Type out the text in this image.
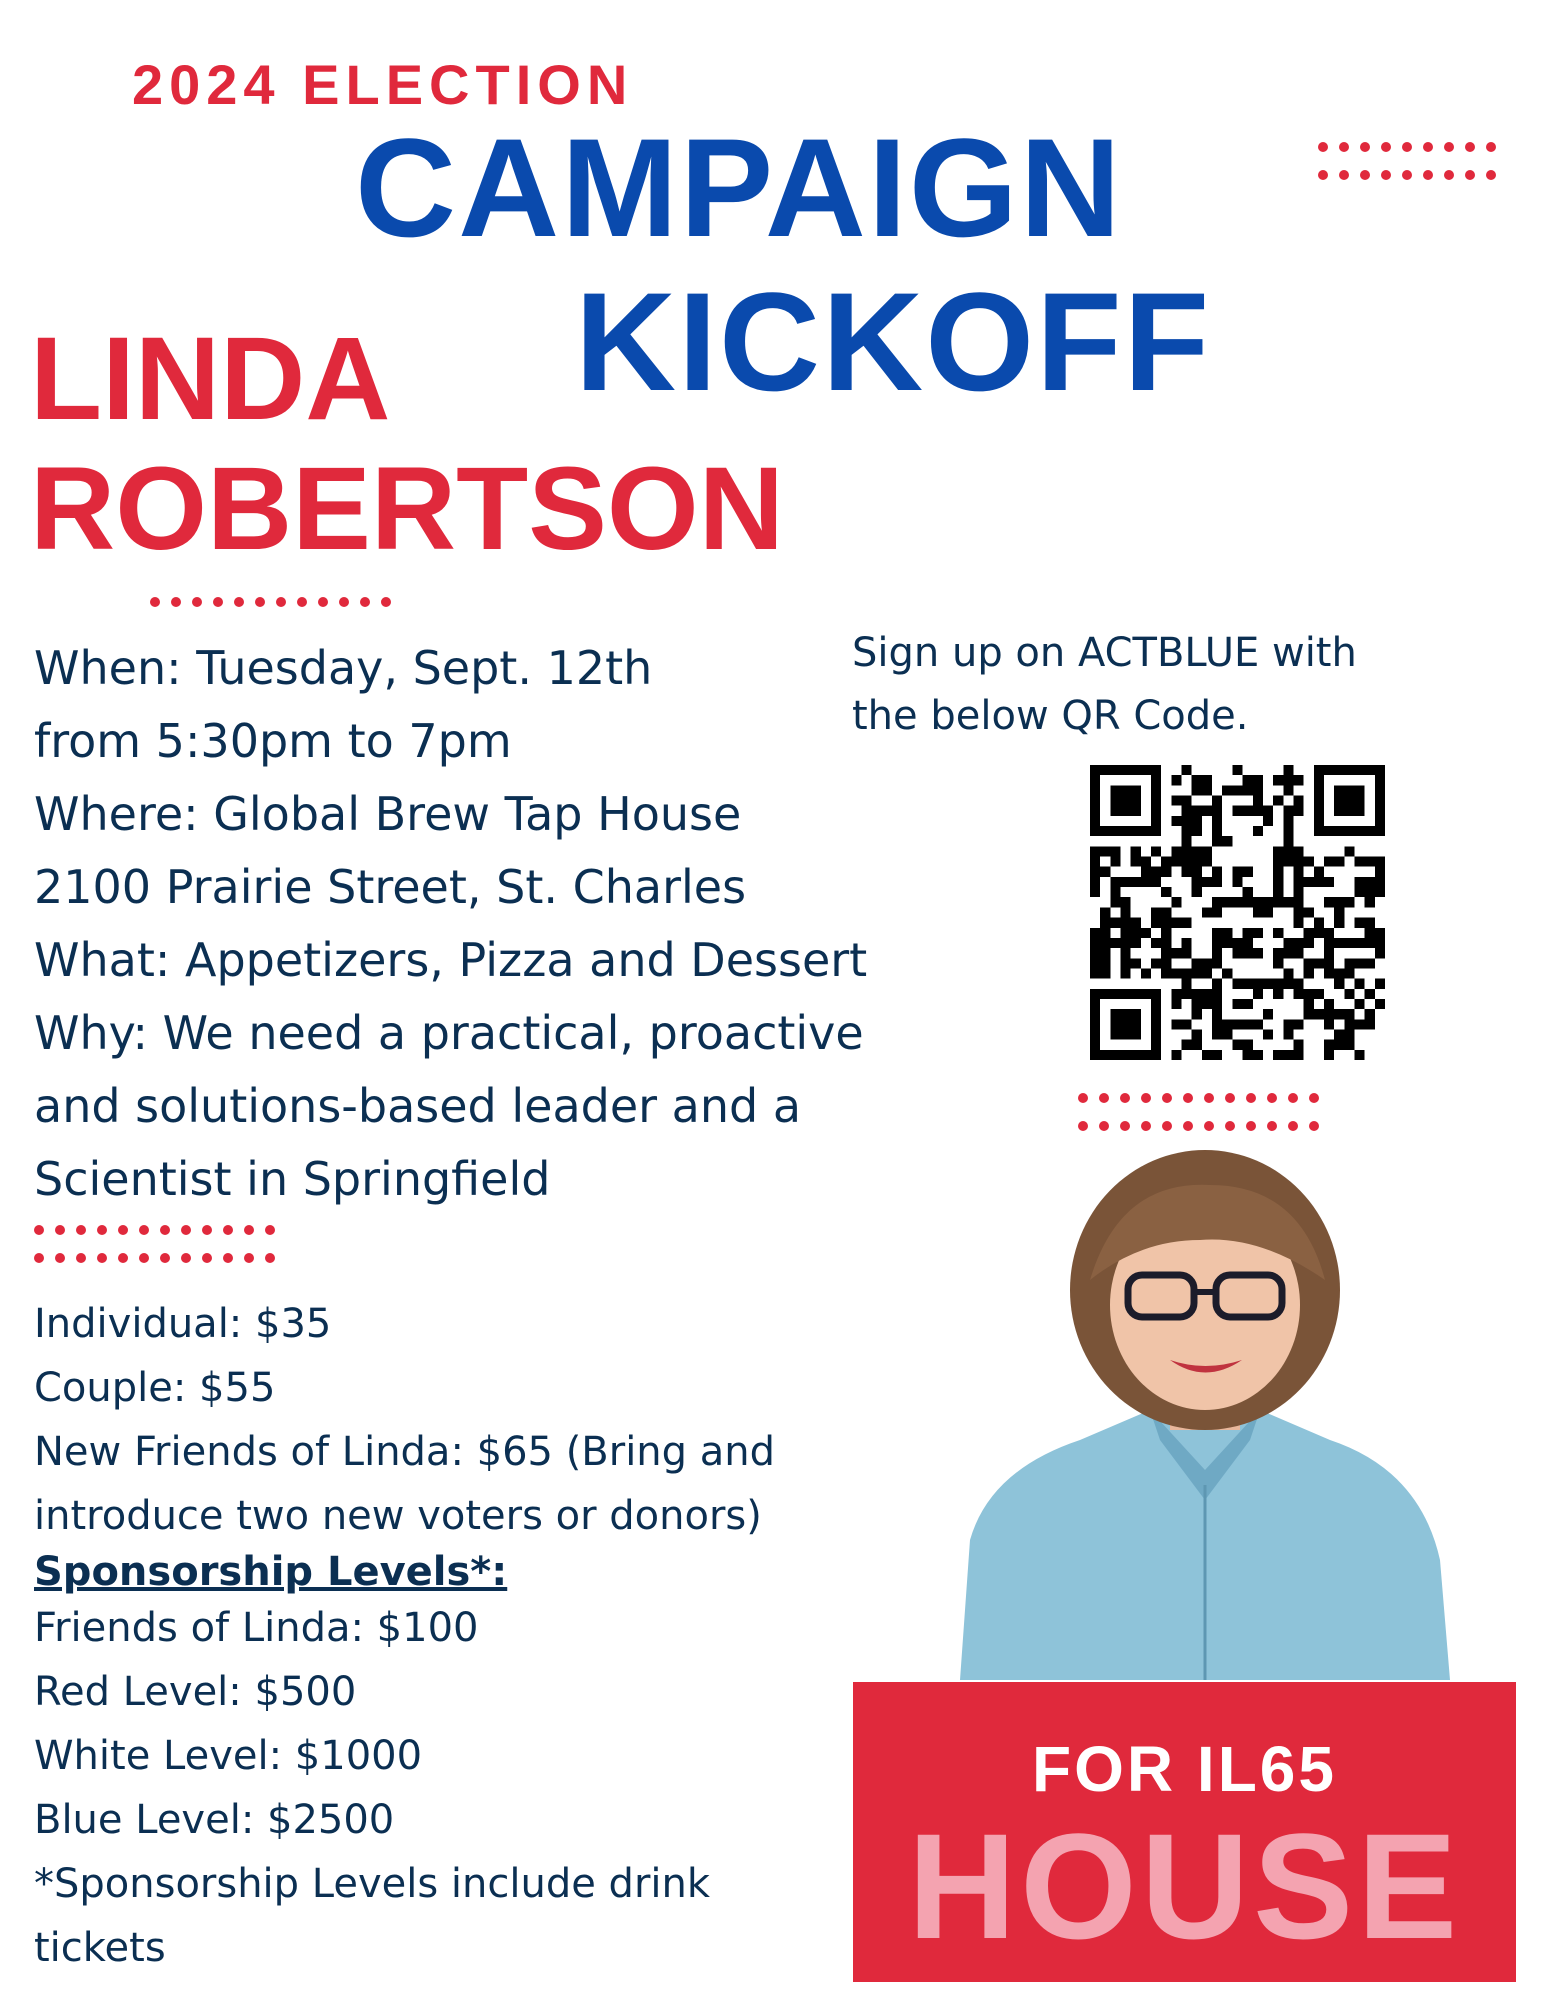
2024 ELECTION
CAMPAIGN
KICKOFF
LINDA
ROBERTSON
When: Tuesday, Sept. 12th
from 5:30pm to 7pm
Where: Global Brew Tap House
2100 Prairie Street, St. Charles
What: Appetizers, Pizza and Dessert
Why: We need a practical, proactive
and solutions-based leader and a
Scientist in Springfield
Sign up on ACTBLUE with
the below QR Code.
Individual: $35
Couple: $55
New Friends of Linda: $65 (Bring and
introduce two new voters or donors)
Sponsorship Levels*:
Friends of Linda: $100
Red Level: $500
White Level: $1000
Blue Level: $2500
*Sponsorship Levels include drink
tickets
FOR IL65
HOUSE
